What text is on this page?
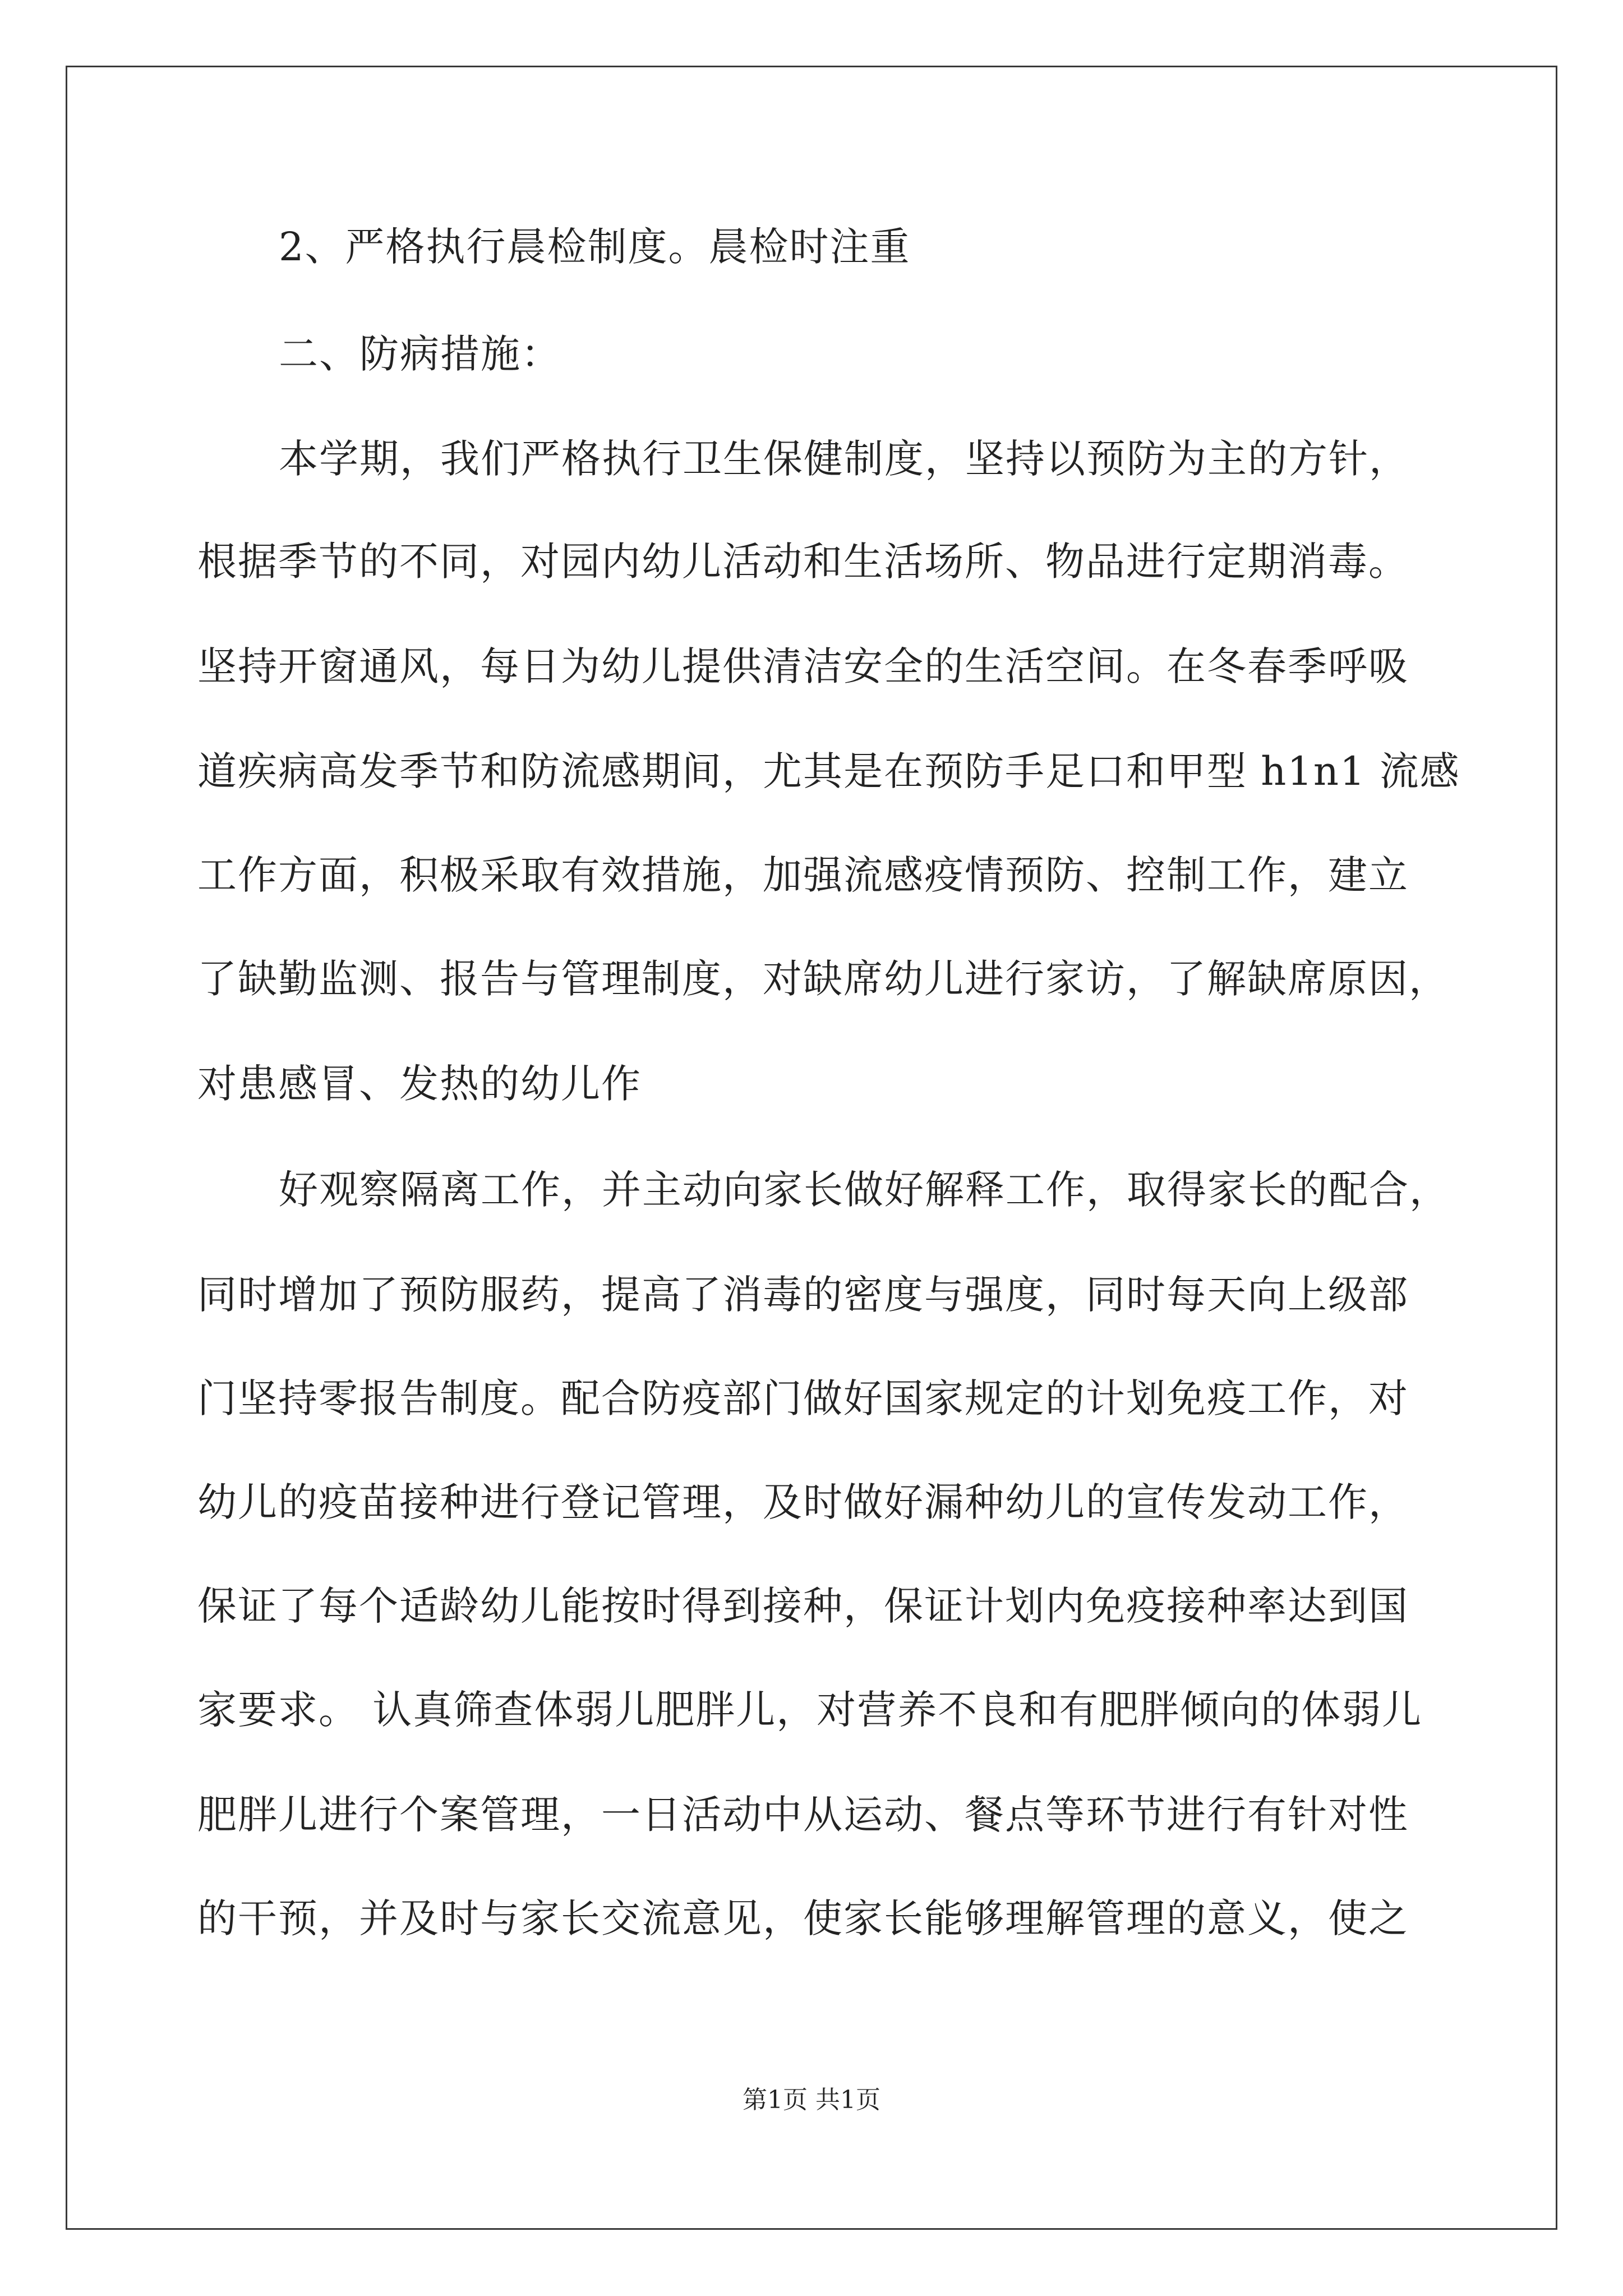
2、严格执行晨检制度。晨检时注重
二、防病措施：
本学期，我们严格执行卫生保健制度，坚持以预防为主的方针，
根据季节的不同，对园内幼儿活动和生活场所、物品进行定期消毒。
坚持开窗通风，每日为幼儿提供清洁安全的生活空间。在冬春季呼吸
道疾病高发季节和防流感期间，尤其是在预防手足口和甲型 h1n1 流感
工作方面，积极采取有效措施，加强流感疫情预防、控制工作，建立
了缺勤监测、报告与管理制度，对缺席幼儿进行家访，了解缺席原因，
对患感冒、发热的幼儿作
好观察隔离工作，并主动向家长做好解释工作，取得家长的配合，
同时增加了预防服药，提高了消毒的密度与强度，同时每天向上级部
门坚持零报告制度。配合防疫部门做好国家规定的计划免疫工作，对
幼儿的疫苗接种进行登记管理，及时做好漏种幼儿的宣传发动工作，
保证了每个适龄幼儿能按时得到接种，保证计划内免疫接种率达到国
家要求。 认真筛查体弱儿肥胖儿，对营养不良和有肥胖倾向的体弱儿
肥胖儿进行个案管理，一日活动中从运动、餐点等环节进行有针对性
的干预，并及时与家长交流意见，使家长能够理解管理的意义，使之
第1页 共1页
